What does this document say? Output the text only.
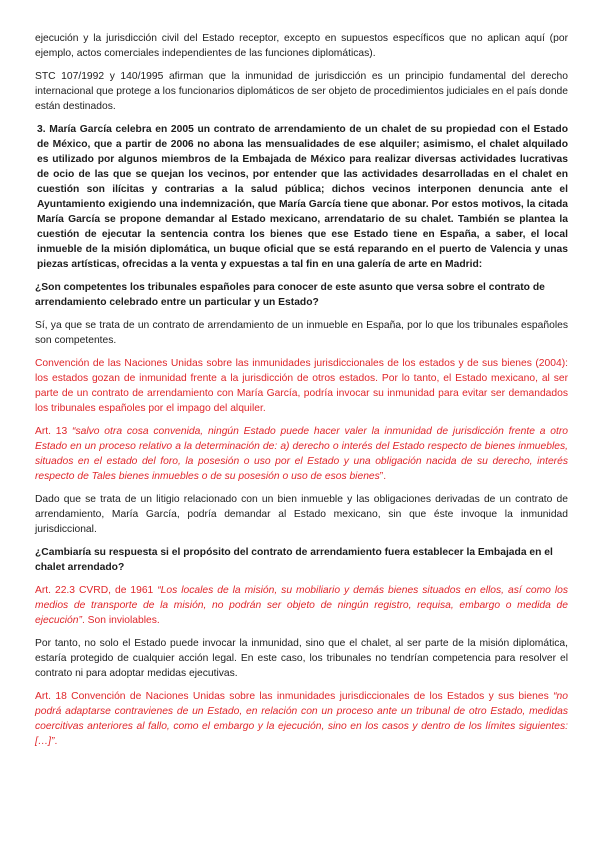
ejecución y la jurisdicción civil del Estado receptor, excepto en supuestos específicos que no aplican aquí (por ejemplo, actos comerciales independientes de las funciones diplomáticas).

STC 107/1992 y 140/1995 afirman que la inmunidad de jurisdicción es un principio fundamental del derecho internacional que protege a los funcionarios diplomáticos de ser objeto de procedimientos judiciales en el país donde están destinados.

3. María García celebra en 2005 un contrato de arrendamiento de un chalet de su propiedad con el Estado de México, que a partir de 2006 no abona las mensualidades de ese alquiler; asimismo, el chalet alquilado es utilizado por algunos miembros de la Embajada de México para realizar diversas actividades lucrativas de ocio de las que se quejan los vecinos, por entender que las actividades desarrolladas en el chalet en cuestión son ilícitas y contrarias a la salud pública; dichos vecinos interponen denuncia ante el Ayuntamiento exigiendo una indemnización, que María García tiene que abonar. Por estos motivos, la citada María García se propone demandar al Estado mexicano, arrendatario de su chalet. También se plantea la cuestión de ejecutar la sentencia contra los bienes que ese Estado tiene en España, a saber, el local inmueble de la misión diplomática, un buque oficial que se está reparando en el puerto de Valencia y unas piezas artísticas, ofrecidas a la venta y expuestas a tal fin en una galería de arte en Madrid:

¿Son competentes los tribunales españoles para conocer de este asunto que versa sobre el contrato de arrendamiento celebrado entre un particular y un Estado?

Sí, ya que se trata de un contrato de arrendamiento de un inmueble en España, por lo que los tribunales españoles son competentes.

Convención de las Naciones Unidas sobre las inmunidades jurisdiccionales de los estados y de sus bienes (2004): los estados gozan de inmunidad frente a la jurisdicción de otros estados. Por lo tanto, el Estado mexicano, al ser parte de un contrato de arrendamiento con María García, podría invocar su inmunidad para evitar ser demandados los tribunales españoles por el impago del alquiler.

Art. 13 “salvo otra cosa convenida, ningún Estado puede hacer valer la inmunidad de jurisdicción frente a otro Estado en un proceso relativo a la determinación de: a) derecho o interés del Estado respecto de bienes inmuebles, situados en el estado del foro, la posesión o uso por el Estado y una obligación nacida de su derecho, interés respecto de Tales bienes inmuebles o de su posesión o uso de esos bienes”.

Dado que se trata de un litigio relacionado con un bien inmueble y las obligaciones derivadas de un contrato de arrendamiento, María García, podría demandar al Estado mexicano, sin que éste invoque la inmunidad jurisdiccional.

¿Cambiaría su respuesta si el propósito del contrato de arrendamiento fuera establecer la Embajada en el chalet arrendado?

Art. 22.3 CVRD, de 1961 “Los locales de la misión, su mobiliario y demás bienes situados en ellos, así como los medios de transporte de la misión, no podrán ser objeto de ningún registro, requisa, embargo o medida de ejecución”. Son inviolables.

Por tanto, no solo el Estado puede invocar la inmunidad, sino que el chalet, al ser parte de la misión diplomática, estaría protegido de cualquier acción legal. En este caso, los tribunales no tendrían competencia para resolver el contrato ni para adoptar medidas ejecutivas.

Art. 18 Convención de Naciones Unidas sobre las inmunidades jurisdiccionales de los Estados y sus bienes “no podrá adaptarse contravienes de un Estado, en relación con un proceso ante un tribunal de otro Estado, medidas coercitivas anteriores al fallo, como el embargo y la ejecución, sino en los casos y dentro de los límites siguientes: […]”.
